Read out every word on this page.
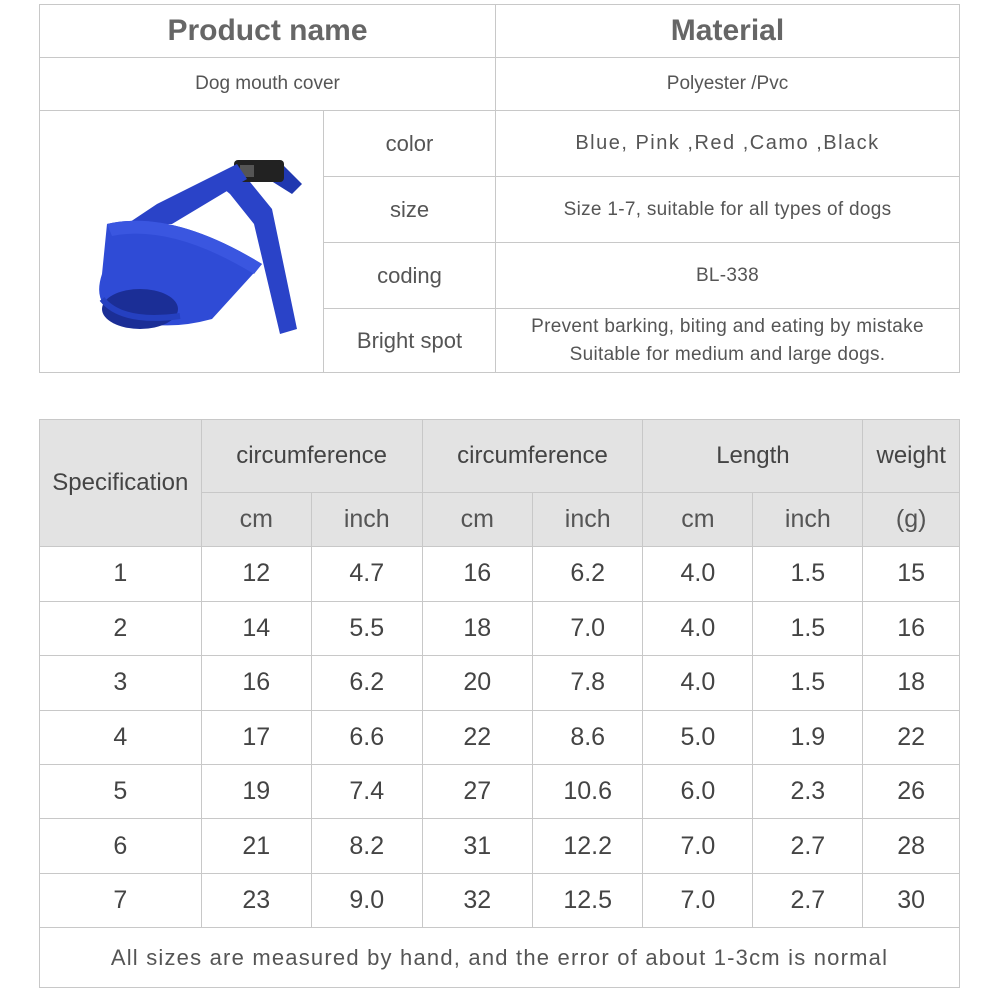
Product name		Material
Dog mouth cover		Polyester /Pvc
	color	Blue, Pink ,Red ,Camo ,Black
	size	Size 1-7, suitable for all types of dogs
	coding	BL-338
	Bright spot	Prevent barking, biting and eating by mistake
Suitable for medium and large dogs.
Specification	circumference		circumference		Length		weight
	cm	inch	cm	inch	cm	inch	(g)
1	12	4.7	16	6.2	4.0	1.5	15
2	14	5.5	18	7.0	4.0	1.5	16
3	16	6.2	20	7.8	4.0	1.5	18
4	17	6.6	22	8.6	5.0	1.9	22
5	19	7.4	27	10.6	6.0	2.3	26
6	21	8.2	31	12.2	7.0	2.7	28
7	23	9.0	32	12.5	7.0	2.7	30
All sizes are measured by hand, and the error of about 1-3cm is normal							
